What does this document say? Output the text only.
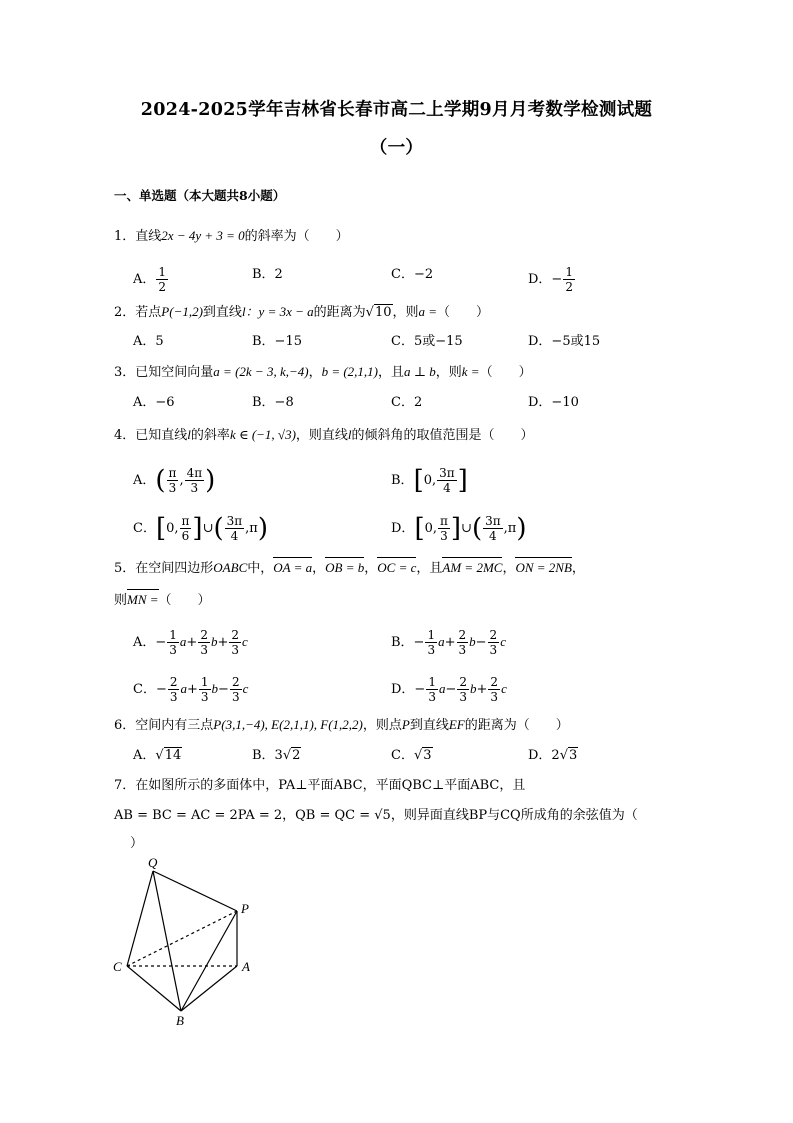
2024-2025学年吉林省长春市高二上学期9月月考数学检测试题
（一）
一、单选题（本大题共8小题）
1．直线2x − 4y + 3 = 0的斜率为（　　）
A． $\frac{1}{2}$	B．2	C．−2	D．− $\frac{1}{2}$
2．若点P(−1,2)到直线l：y = 3x − a的距离为√10，则a =（　　）
A．5	B．−15	C．5或−15	D．−5或15
3．已知空间向量a = (2k − 3, k,−4)，b = (2,1,1)，且a ⊥ b，则k =（　　）
A．−6	B．−8	C．2	D．−10
4．已知直线l的斜率k ∈ (−1, √3)，则直线l的倾斜角的取值范围是（　　）
A．( $\frac{\pi}{3}$ , $\frac{4\pi}{3}$ )	B．[0, $\frac{3\pi}{4}$ ]
C．[0, $\frac{\pi}{6}$ ]∪( $\frac{3\pi}{4} ,\pi$)	D．[0, $\frac{\pi}{3}$ ]∪( $\frac{3\pi}{4} ,\pi$)
5．在空间四边形OABC中，OA = a，OB = b，OC = c，且AM = 2MC，ON = 2NB，
则MN =（　　）
A．− $\frac{1}{3} a+ \frac{2}{3} b+ \frac{2}{3}$ c	B．− $\frac{1}{3} a+ \frac{2}{3} b- \frac{2}{3}$ c
C．− $\frac{2}{3} a+ \frac{1}{3} b- \frac{2}{3}$ c	D．− $\frac{1}{3} a- \frac{2}{3} b+ \frac{2}{3}$ c
6．空间内有三点P(3,1,−4), E(2,1,1), F(1,2,2)，则点P到直线EF的距离为（　　）
A．√14	B．3√2	C．√3	D．2√3
7．在如图所示的多面体中，PA⊥平面ABC，平面QBC⊥平面ABC，且
AB = BC = AC = 2PA = 2，QB = QC = √5，则异面直线BP与CQ所成角的余弦值为（
）
Q
P
C	A
B
